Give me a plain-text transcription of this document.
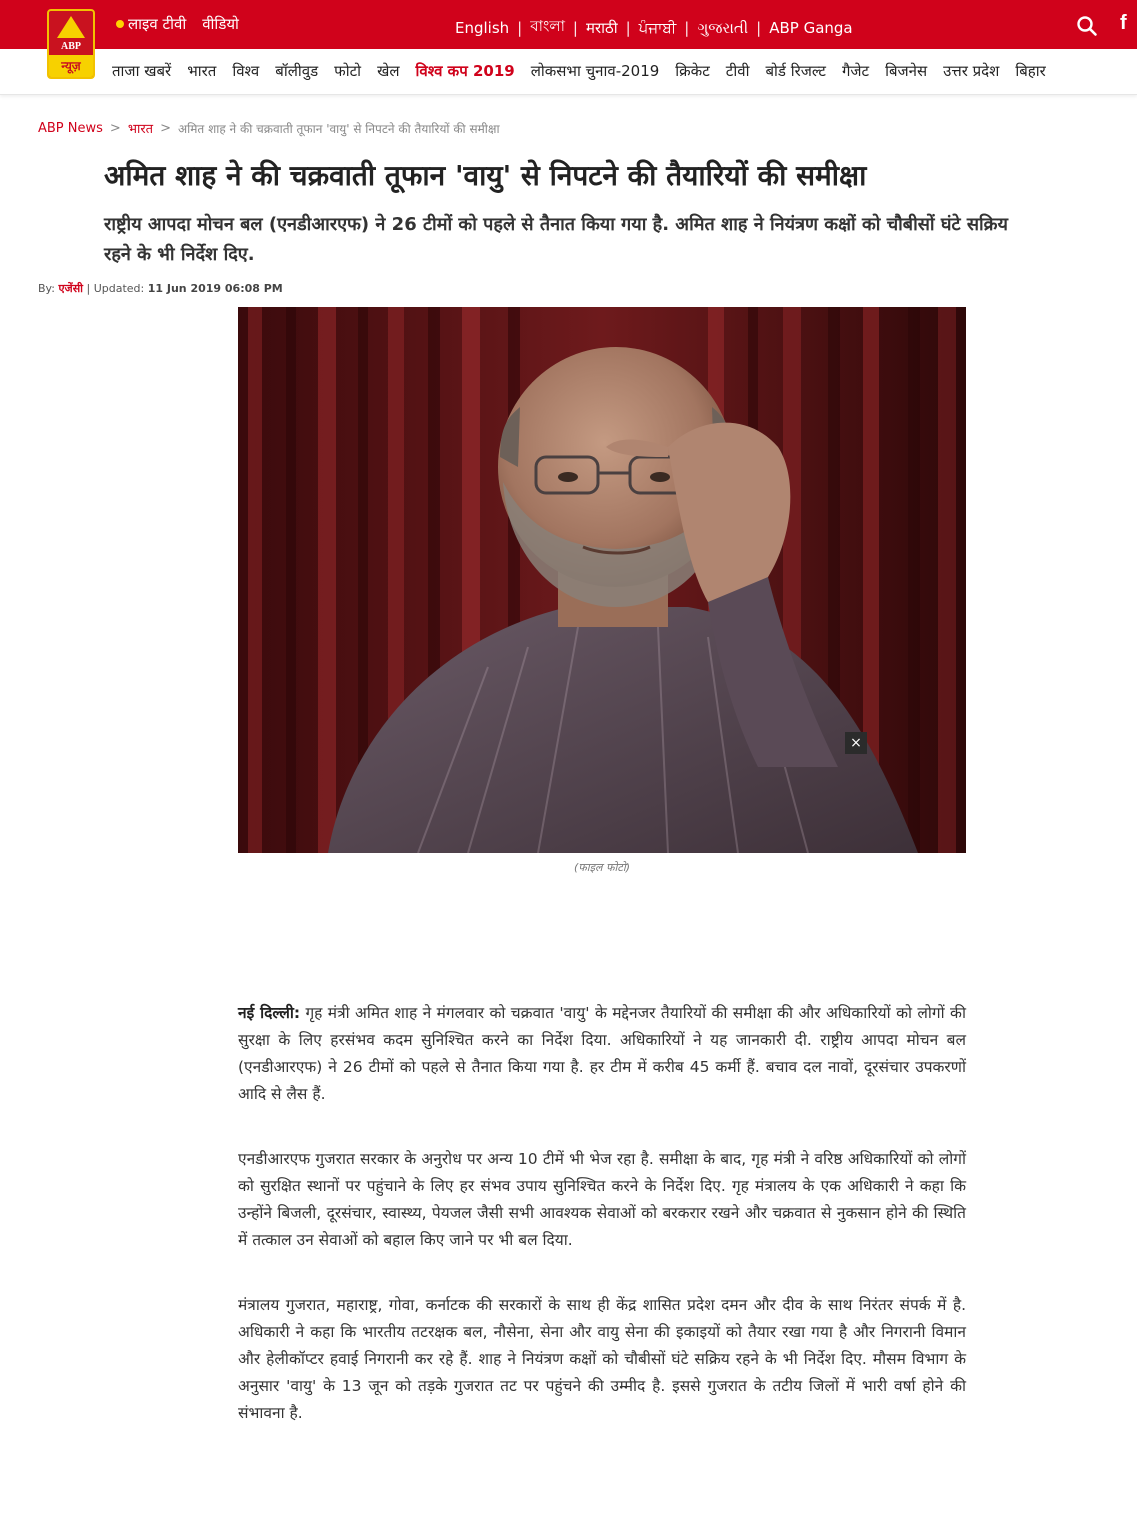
लाइव टीवी वीडियो	English | বাংলা | मराठी | ਪੰਜਾਬੀ | ગુજરાતી | ABP Ganga	f
ABP
न्यूज़	ताजा खबरें भारत विश्व बॉलीवुड फोटो खेल विश्व कप 2019 लोकसभा चुनाव-2019 क्रिकेट टीवी बोर्ड रिजल्ट गैजेट बिजनेस उत्तर प्रदेश बिहार
ABP News > भारत > अमित शाह ने की चक्रवाती तूफान 'वायु' से निपटने की तैयारियों की समीक्षा
अमित शाह ने की चक्रवाती तूफान 'वायु' से निपटने की तैयारियों की समीक्षा
राष्ट्रीय आपदा मोचन बल (एनडीआरएफ) ने 26 टीमों को पहले से तैनात किया गया है. अमित शाह ने नियंत्रण कक्षों को चौबीसों घंटे सक्रिय रहने के भी निर्देश दिए.
By: एजेंसी | Updated: 11 Jun 2019 06:08 PM
×
(फाइल फोटो)

नई दिल्ली: गृह मंत्री अमित शाह ने मंगलवार को चक्रवात 'वायु' के मद्देनजर तैयारियों की समीक्षा की और अधिकारियों को लोगों की सुरक्षा के लिए हरसंभव कदम सुनिश्चित करने का निर्देश दिया. अधिकारियों ने यह जानकारी दी. राष्ट्रीय आपदा मोचन बल (एनडीआरएफ) ने 26 टीमों को पहले से तैनात किया गया है. हर टीम में करीब 45 कर्मी हैं. बचाव दल नावों, दूरसंचार उपकरणों आदि से लैस हैं.

एनडीआरएफ गुजरात सरकार के अनुरोध पर अन्य 10 टीमें भी भेज रहा है. समीक्षा के बाद, गृह मंत्री ने वरिष्ठ अधिकारियों को लोगों को सुरक्षित स्थानों पर पहुंचाने के लिए हर संभव उपाय सुनिश्चित करने के निर्देश दिए. गृह मंत्रालय के एक अधिकारी ने कहा कि उन्होंने बिजली, दूरसंचार, स्वास्थ्य, पेयजल जैसी सभी आवश्यक सेवाओं को बरकरार रखने और चक्रवात से नुकसान होने की स्थिति में तत्काल उन सेवाओं को बहाल किए जाने पर भी बल दिया.

मंत्रालय गुजरात, महाराष्ट्र, गोवा, कर्नाटक की सरकारों के साथ ही केंद्र शासित प्रदेश दमन और दीव के साथ निरंतर संपर्क में है. अधिकारी ने कहा कि भारतीय तटरक्षक बल, नौसेना, सेना और वायु सेना की इकाइयों को तैयार रखा गया है और निगरानी विमान और हेलीकॉप्टर हवाई निगरानी कर रहे हैं. शाह ने नियंत्रण कक्षों को चौबीसों घंटे सक्रिय रहने के भी निर्देश दिए. मौसम विभाग के अनुसार 'वायु' के 13 जून को तड़के गुजरात तट पर पहुंचने की उम्मीद है. इससे गुजरात के तटीय जिलों में भारी वर्षा होने की संभावना है.
